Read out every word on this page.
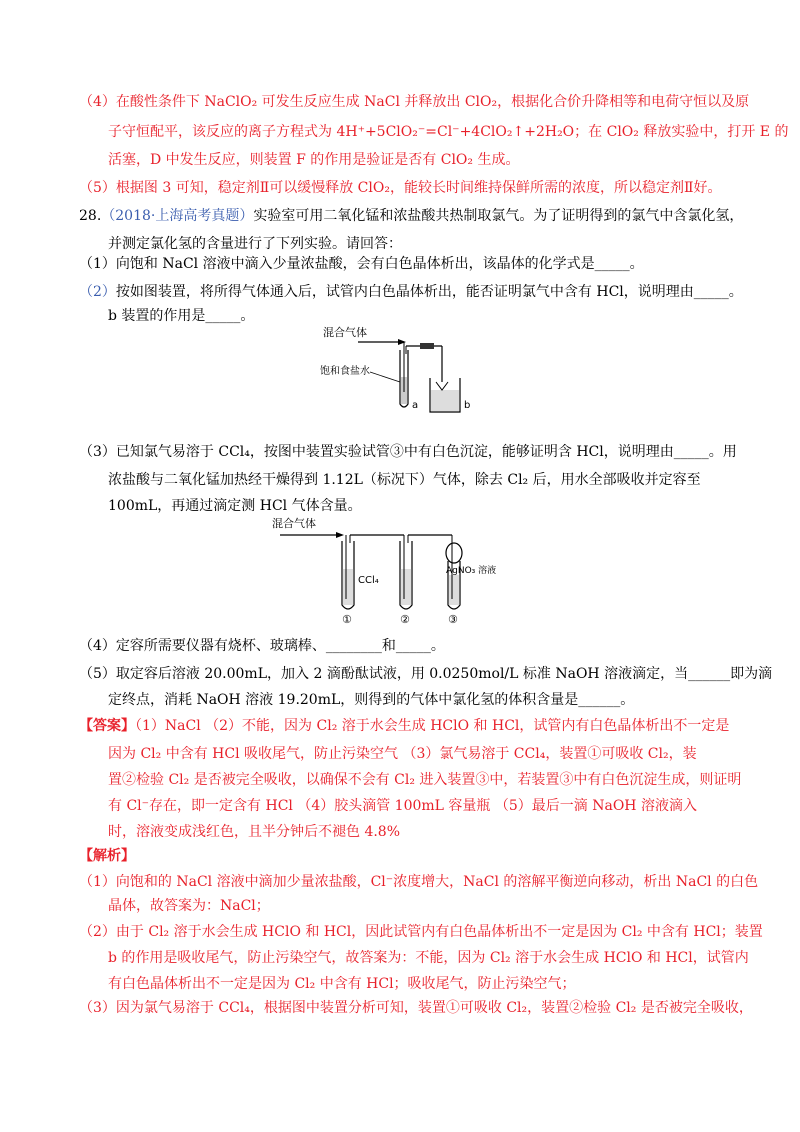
（4）在酸性条件下 NaClO₂ 可发生反应生成 NaCl 并释放出 ClO₂，根据化合价升降相等和电荷守恒以及原
子守恒配平，该反应的离子方程式为 4H⁺+5ClO₂⁻=Cl⁻+4ClO₂↑+2H₂O；在 ClO₂ 释放实验中，打开 E 的
活塞，D 中发生反应，则装置 F 的作用是验证是否有 ClO₂ 生成。
（5）根据图 3 可知，稳定剂Ⅱ可以缓慢释放 ClO₂，能较长时间维持保鲜所需的浓度，所以稳定剂Ⅱ好。
28.（2018·上海高考真题）实验室可用二氧化锰和浓盐酸共热制取氯气。为了证明得到的氯气中含氯化氢，
并测定氯化氢的含量进行了下列实验。请回答：
（1）向饱和 NaCl 溶液中滴入少量浓盐酸，会有白色晶体析出，该晶体的化学式是_____。
（2）按如图装置，将所得气体通入后，试管内白色晶体析出，能否证明氯气中含有 HCl，说明理由_____。
b 装置的作用是_____。
混合气体
饱和食盐水
a	b
（3）已知氯气易溶于 CCl₄，按图中装置实验试管③中有白色沉淀，能够证明含 HCl，说明理由_____。用
浓盐酸与二氧化锰加热经干燥得到 1.12L（标况下）气体，除去 Cl₂ 后，用水全部吸收并定容至
100mL，再通过滴定测 HCl 气体含量。
混合气体
CCl₄
AgNO₃ 溶液
①	②	③
（4）定容所需要仪器有烧杯、玻璃棒、________和_____。
（5）取定容后溶液 20.00mL，加入 2 滴酚酞试液，用 0.0250mol/L 标准 NaOH 溶液滴定，当______即为滴
定终点，消耗 NaOH 溶液 19.20mL，则得到的气体中氯化氢的体积含量是______。
【答案】（1）NaCl （2）不能，因为 Cl₂ 溶于水会生成 HClO 和 HCl，试管内有白色晶体析出不一定是
因为 Cl₂ 中含有 HCl 吸收尾气，防止污染空气 （3）氯气易溶于 CCl₄，装置①可吸收 Cl₂，装
置②检验 Cl₂ 是否被完全吸收，以确保不会有 Cl₂ 进入装置③中，若装置③中有白色沉淀生成，则证明
有 Cl⁻存在，即一定含有 HCl （4）胶头滴管 100mL 容量瓶 （5）最后一滴 NaOH 溶液滴入
时，溶液变成浅红色，且半分钟后不褪色 4.8%
【解析】
（1）向饱和的 NaCl 溶液中滴加少量浓盐酸，Cl⁻浓度增大，NaCl 的溶解平衡逆向移动，析出 NaCl 的白色
晶体，故答案为：NaCl；
（2）由于 Cl₂ 溶于水会生成 HClO 和 HCl，因此试管内有白色晶体析出不一定是因为 Cl₂ 中含有 HCl；装置
b 的作用是吸收尾气，防止污染空气，故答案为：不能，因为 Cl₂ 溶于水会生成 HClO 和 HCl，试管内
有白色晶体析出不一定是因为 Cl₂ 中含有 HCl；吸收尾气，防止污染空气；
（3）因为氯气易溶于 CCl₄，根据图中装置分析可知，装置①可吸收 Cl₂，装置②检验 Cl₂ 是否被完全吸收，
